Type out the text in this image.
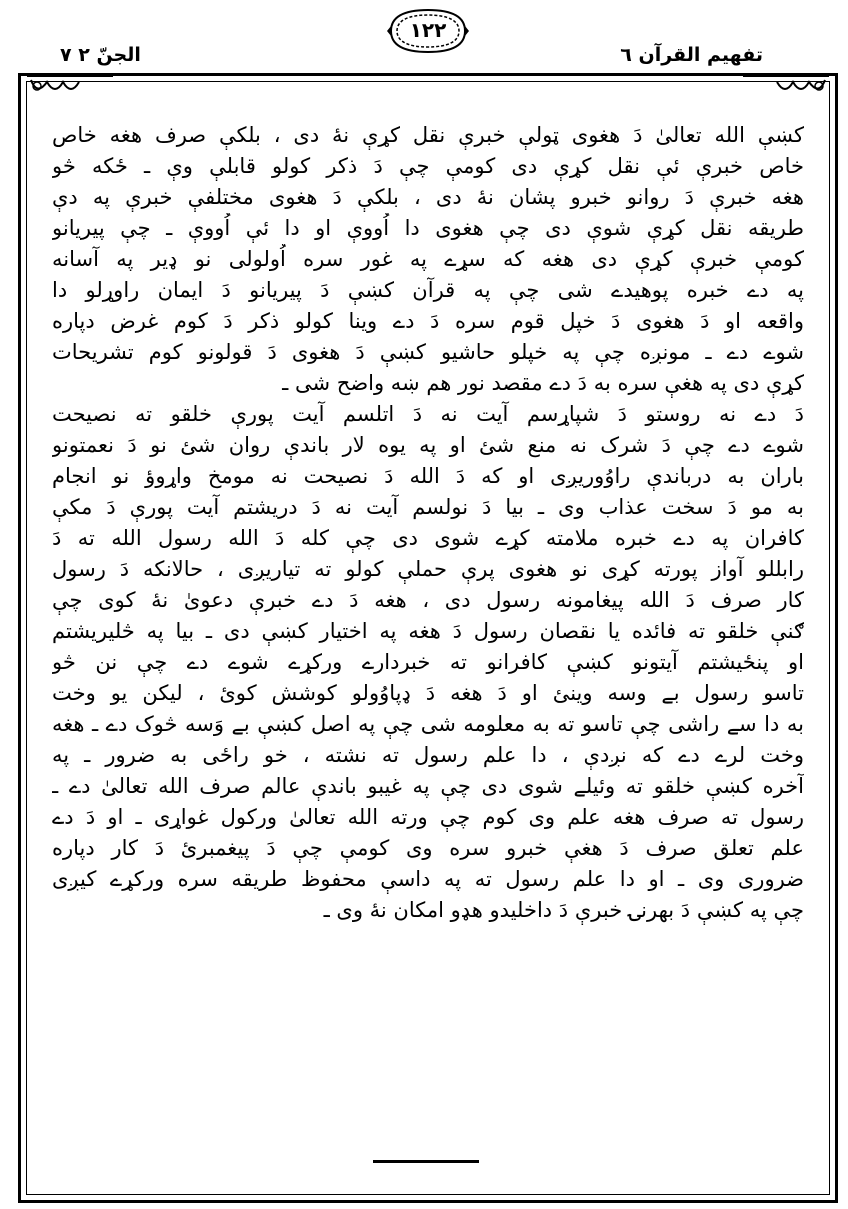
تفهیم القرآن ٦
۱۲۲
الجنّ ٢ ٧

کښې الله تعالیٰ دَ هغوی ټولې خبرې نقل کړې نۀ دی ، بلکې صرف هغه خاص
خاص خبرې ئې نقل کړې دی کومې چې دَ ذکر کولو قابلې وې ـ ځکه څو
هغه خبرې دَ روانو خبرو پشان نۀ دی ، بلکې دَ هغوی مختلفې خبرې په دې
طریقه نقل کړې شوې دی چې هغوی دا اُووې او دا ئې اُووې ـ چې پیریانو
کومې خبرې کړې دی هغه که سړے په غور سره اُولولی نو ډیر په آسانه
په دے خبره پوهیدے شی چې په قرآن کښې دَ پیریانو دَ ایمان راوړلو دا
واقعه او دَ هغوی دَ خپل قوم سره دَ دے وینا کولو ذکر دَ کوم غرض دپاره
شوے دے ـ مونږه چې په خپلو حاشیو کښې دَ هغوی دَ قولونو کوم تشریحات
کړې دی په هغې سره به دَ دے مقصد نور هم ښه واضح شی ـ

دَ دے نه روستو دَ شپاړسم آیت نه دَ اتلسم آیت پورې خلقو ته نصیحت
شوے دے چې دَ شرک نه منع شئ او په یوه لار باندې روان شئ نو دَ نعمتونو
باران به درباندې راوُوریږی او که دَ الله دَ نصیحت نه مومخ واړوؤ نو انجام
به مو دَ سخت عذاب وی ـ بیا دَ نولسم آیت نه دَ دریشتم آیت پورې دَ مکې
کافران په دے خبره ملامته کړے شوی دی چې کله دَ الله رسول الله ته دَ
رابللو آواز پورته کړی نو هغوی پرې حملې کولو ته تیاریږی ، حالانکه دَ رسول
کار صرف دَ الله پیغامونه رسول دی ، هغه دَ دے خبرې دعویٰ نۀ کوی چې
ګنې خلقو ته فائده یا نقصان رسول دَ هغه په اختیار کښې دی ـ بیا په څلیریشتم
او پنځیشتم آیتونو کښې کافرانو ته خبردارے ورکړے شوے دے چې نن څو
تاسو رسول بے وسه وینئ او دَ هغه دَ ډپاوُولو کوشش کوئ ، لیکن یو وخت
به دا سے راشی چې تاسو ته به معلومه شی چې په اصل کښې بے وَسه څوک دے ـ هغه
وخت لرے دے که نږدې ، دا علم رسول ته نشته ، خو راځی به ضرور ـ په
آخره کښې خلقو ته وئیلے شوی دی چې په غیبو باندې عالم صرف الله تعالیٰ دے ـ
رسول ته صرف هغه علم وی کوم چې ورته الله تعالیٰ ورکول غواړی ـ او دَ دے
علم تعلق صرف دَ هغې خبرو سره وی کومې چې دَ پیغمبرئ دَ کار دپاره
ضروری وی ـ او دا علم رسول ته په داسې محفوظ طریقه سره ورکړے کیږی
چې په کښې دَ بهرنۍ خبرې دَ داخلیدو هډو امکان نۀ وی ـ
